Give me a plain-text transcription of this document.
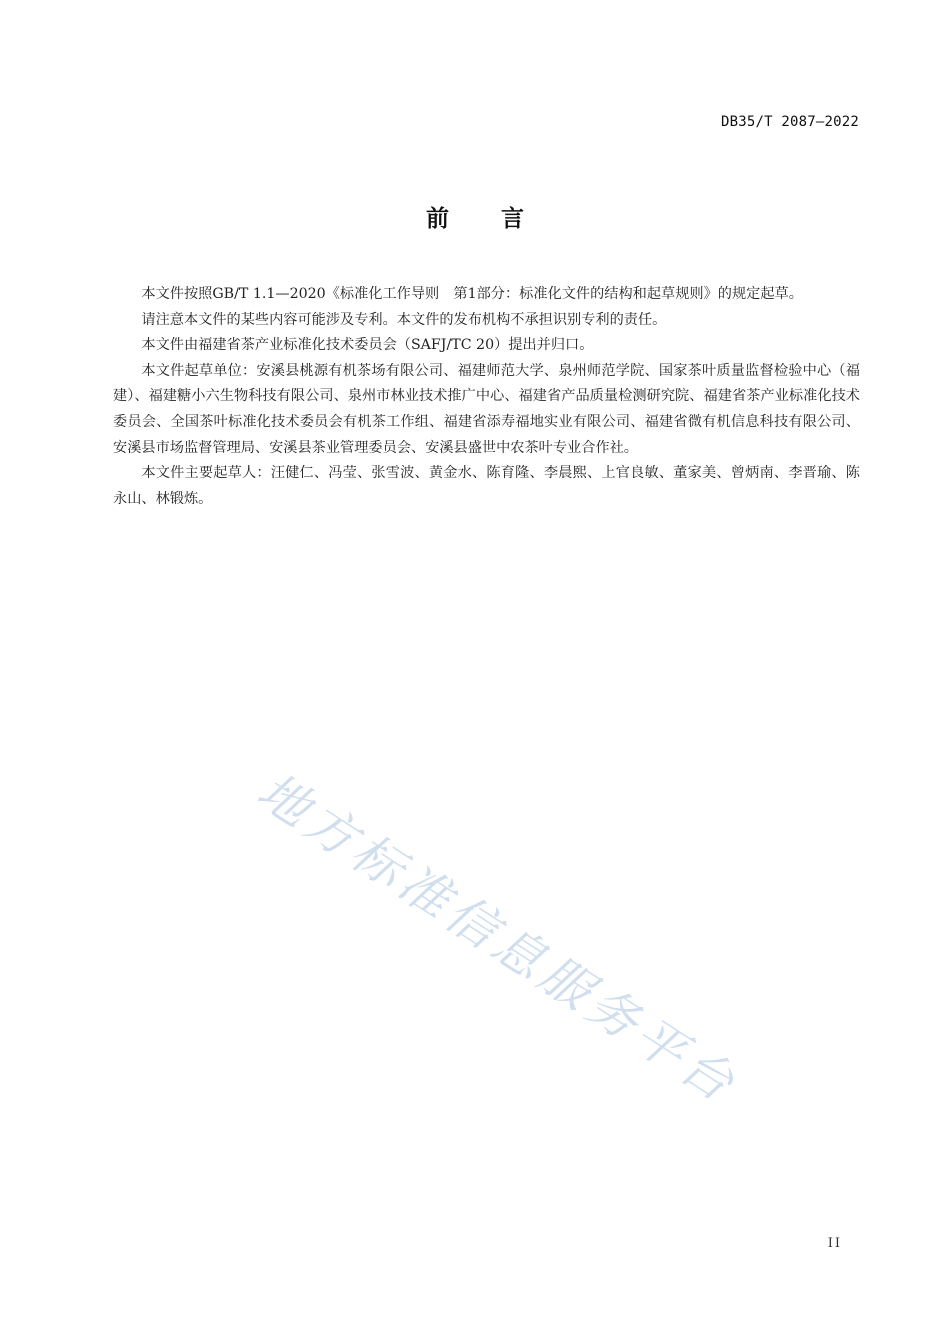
DB35/T 2087—2022
前言

本文件按照GB/T 1.1—2020《标准化工作导则　第1部分：标准化文件的结构和起草规则》的规定起草。

请注意本文件的某些内容可能涉及专利。本文件的发布机构不承担识别专利的责任。

本文件由福建省茶产业标准化技术委员会（SAFJ/TC 20）提出并归口。

本文件起草单位：安溪县桃源有机茶场有限公司、福建师范大学、泉州师范学院、国家茶叶质量监督检验中心（福建）、福建糖小六生物科技有限公司、泉州市林业技术推广中心、福建省产品质量检测研究院、福建省茶产业标准化技术委员会、全国茶叶标准化技术委员会有机茶工作组、福建省添寿福地实业有限公司、福建省微有机信息科技有限公司、安溪县市场监督管理局、安溪县茶业管理委员会、安溪县盛世中农茶叶专业合作社。

本文件主要起草人：汪健仁、冯莹、张雪波、黄金水、陈育隆、李晨熙、上官良敏、董家美、曾炳南、李晋瑜、陈永山、林锻炼。

地方标准信息服务平台
II
